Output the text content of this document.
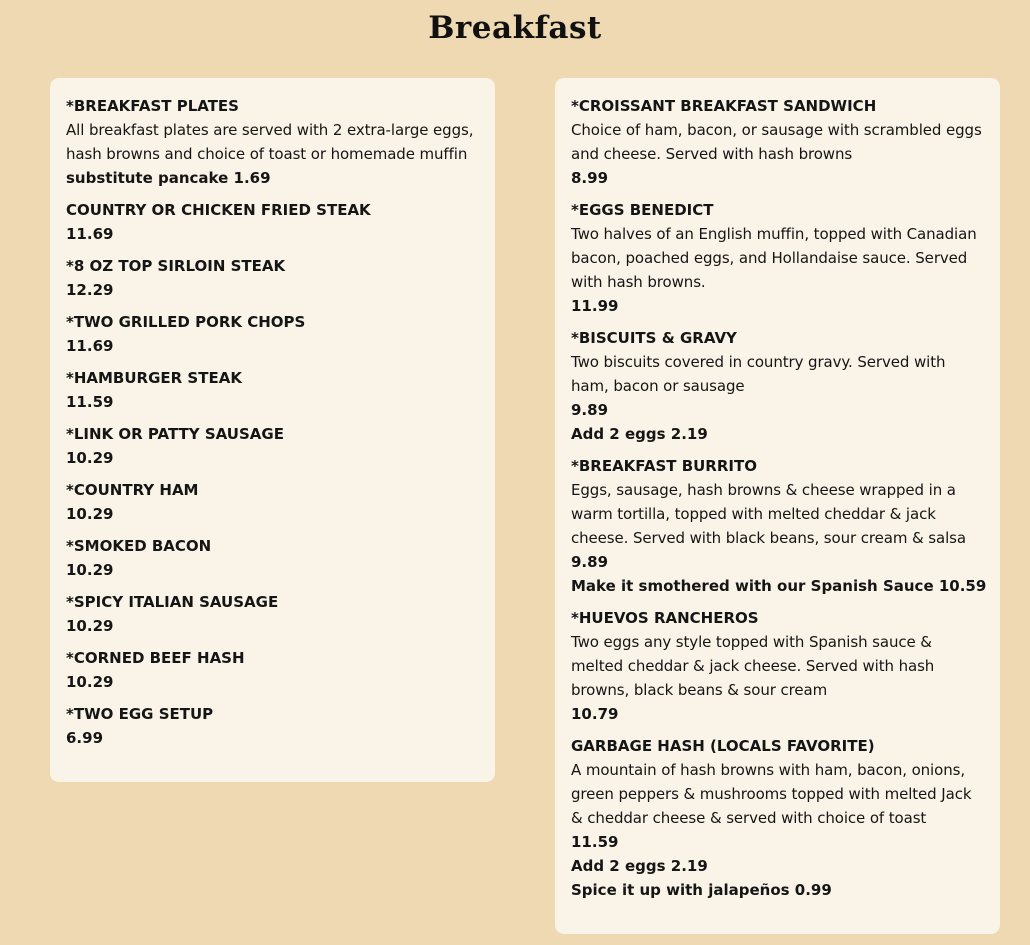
Breakfast
*BREAKFAST PLATES
All breakfast plates are served with 2 extra-large eggs, hash browns and choice of toast or homemade muffin
substitute pancake 1.69
COUNTRY OR CHICKEN FRIED STEAK
11.69
*8 OZ TOP SIRLOIN STEAK
12.29
*TWO GRILLED PORK CHOPS
11.69
*HAMBURGER STEAK
11.59
*LINK OR PATTY SAUSAGE
10.29
*COUNTRY HAM
10.29
*SMOKED BACON
10.29
*SPICY ITALIAN SAUSAGE
10.29
*CORNED BEEF HASH
10.29
*TWO EGG SETUP
6.99
*CROISSANT BREAKFAST SANDWICH
Choice of ham, bacon, or sausage with scrambled eggs and cheese. Served with hash browns
8.99
*EGGS BENEDICT
Two halves of an English muffin, topped with Canadian bacon, poached eggs, and Hollandaise sauce. Served with hash browns.
11.99
*BISCUITS & GRAVY
Two biscuits covered in country gravy. Served with ham, bacon or sausage
9.89
Add 2 eggs 2.19
*BREAKFAST BURRITO
Eggs, sausage, hash browns & cheese wrapped in a warm tortilla, topped with melted cheddar & jack cheese. Served with black beans, sour cream & salsa
9.89
Make it smothered with our Spanish Sauce 10.59
*HUEVOS RANCHEROS
Two eggs any style topped with Spanish sauce & melted cheddar & jack cheese. Served with hash browns, black beans & sour cream
10.79
GARBAGE HASH (LOCALS FAVORITE)
A mountain of hash browns with ham, bacon, onions, green peppers & mushrooms topped with melted Jack & cheddar cheese & served with choice of toast
11.59
Add 2 eggs 2.19
Spice it up with jalapeños 0.99
